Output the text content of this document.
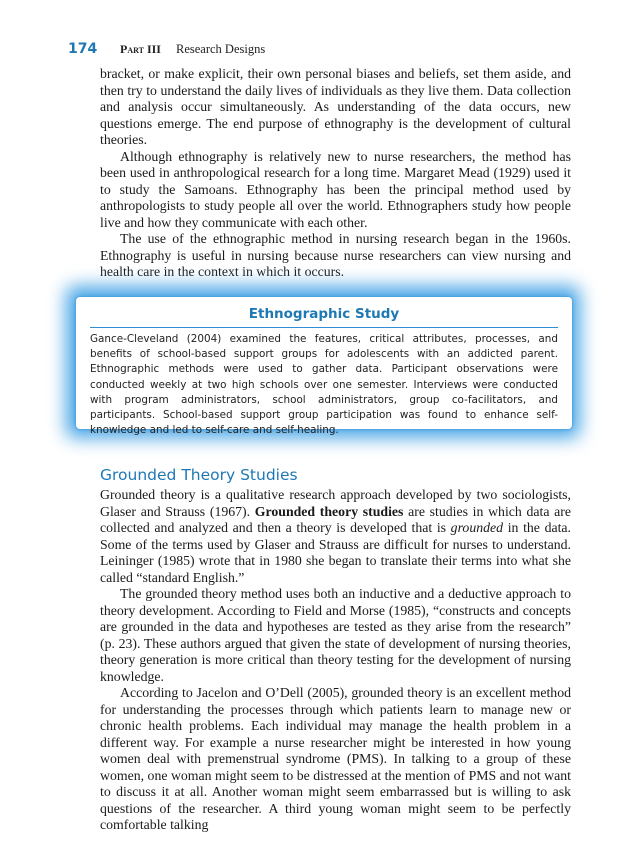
174 Part III Research Designs

bracket, or make explicit, their own personal biases and beliefs, set them aside, and then try to understand the daily lives of individuals as they live them. Data collection and analysis occur simultaneously. As understanding of the data occurs, new questions emerge. The end purpose of ethnography is the development of cultural theories.

Although ethnography is relatively new to nurse researchers, the method has been used in anthropological research for a long time. Margaret Mead (1929) used it to study the Samoans. Ethnography has been the principal method used by anthropologists to study people all over the world. Ethnographers study how people live and how they communicate with each other.

The use of the ethnographic method in nursing research began in the 1960s. Ethnography is useful in nursing because nurse researchers can view nursing and health care in the context in which it occurs.

Ethnographic Study

Gance-Cleveland (2004) examined the features, critical attributes, processes, and benefits of school-based support groups for adolescents with an addicted parent. Ethnographic methods were used to gather data. Participant observations were conducted weekly at two high schools over one semester. Interviews were conducted with program administrators, school administrators, group co-facilitators, and participants. School-based support group participation was found to enhance self-knowledge and led to self-care and self-healing.

Grounded Theory Studies

Grounded theory is a qualitative research approach developed by two sociologists, Glaser and Strauss (1967). Grounded theory studies are studies in which data are collected and analyzed and then a theory is developed that is grounded in the data. Some of the terms used by Glaser and Strauss are difficult for nurses to understand. Leininger (1985) wrote that in 1980 she began to translate their terms into what she called “standard English.”

The grounded theory method uses both an inductive and a deductive approach to theory development. According to Field and Morse (1985), “constructs and concepts are grounded in the data and hypotheses are tested as they arise from the research” (p. 23). These authors argued that given the state of development of nursing theories, theory generation is more critical than theory testing for the development of nursing knowledge.

According to Jacelon and O’Dell (2005), grounded theory is an excellent method for understanding the processes through which patients learn to manage new or chronic health problems. Each individual may manage the health problem in a different way. For example a nurse researcher might be interested in how young women deal with premenstrual syndrome (PMS). In talking to a group of these women, one woman might seem to be distressed at the mention of PMS and not want to discuss it at all. Another woman might seem embarrassed but is willing to ask questions of the researcher. A third young woman might seem to be perfectly comfortable talking
